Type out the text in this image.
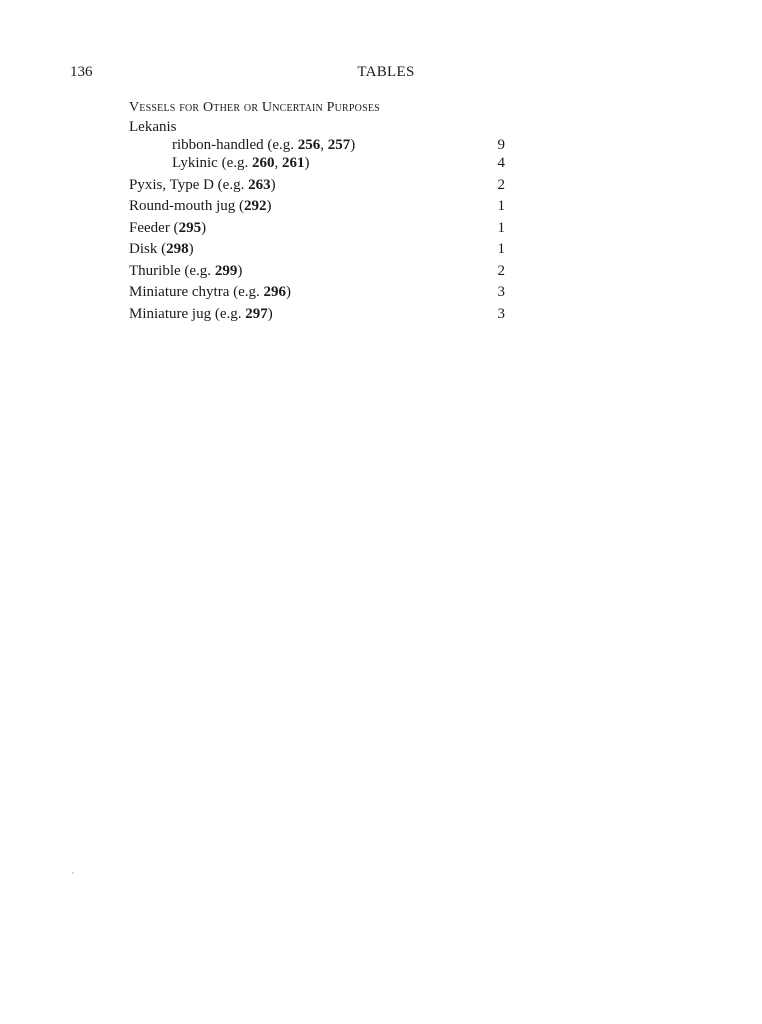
136	TABLES
Vessels for Other or Uncertain Purposes
Lekanis
ribbon-handled (e.g. 256, 257)	9
Lykinic (e.g. 260, 261)	4
Pyxis, Type D (e.g. 263)	2
Round-mouth jug (292)	1
Feeder (295)	1
Disk (298)	1
Thurible (e.g. 299)	2
Miniature chytra (e.g. 296)	3
Miniature jug (e.g. 297)	3
